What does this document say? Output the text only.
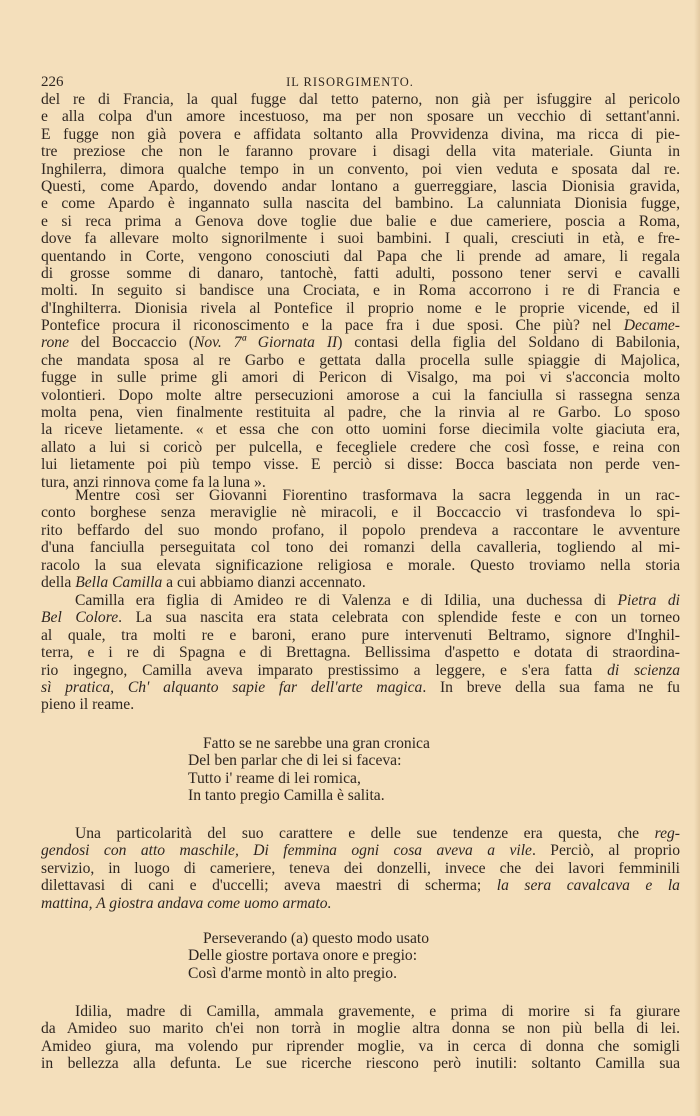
226	IL RISORGIMENTO.
del re di Francia, la qual fugge dal tetto paterno, non già per isfuggire al pericolo
e alla colpa d'un amore incestuoso, ma per non sposare un vecchio di settant'anni.
E fugge non già povera e affidata soltanto alla Provvidenza divina, ma ricca di pie-
tre preziose che non le faranno provare i disagi della vita materiale. Giunta in
Inghilerra, dimora qualche tempo in un convento, poi vien veduta e sposata dal re.
Questi, come Apardo, dovendo andar lontano a guerreggiare, lascia Dionisia gravida,
e come Apardo è ingannato sulla nascita del bambino. La calunniata Dionisia fugge,
e si reca prima a Genova dove toglie due balie e due cameriere, poscia a Roma,
dove fa allevare molto signorilmente i suoi bambini. I quali, cresciuti in età, e fre-
quentando in Corte, vengono conosciuti dal Papa che li prende ad amare, li regala
di grosse somme di danaro, tantochè, fatti adulti, possono tener servi e cavalli
molti. In seguito si bandisce una Crociata, e in Roma accorrono i re di Francia e
d'Inghilterra. Dionisia rivela al Pontefice il proprio nome e le proprie vicende, ed il
Pontefice procura il riconoscimento e la pace fra i due sposi. Che più? nel Decame-
rone del Boccaccio (Nov. 7ª Giornata II) contasi della figlia del Soldano di Babilonia,
che mandata sposa al re Garbo e gettata dalla procella sulle spiaggie di Majolica,
fugge in sulle prime gli amori di Pericon di Visalgo, ma poi vi s'acconcia molto
volontieri. Dopo molte altre persecuzioni amorose a cui la fanciulla si rassegna senza
molta pena, vien finalmente restituita al padre, che la rinvia al re Garbo. Lo sposo
la riceve lietamente. « et essa che con otto uomini forse diecimila volte giaciuta era,
allato a lui si coricò per pulcella, e fecegliele credere che così fosse, e reina con
lui lietamente poi più tempo visse. E perciò si disse: Bocca basciata non perde ven-
tura, anzi rinnova come fa la luna ».
Mentre così ser Giovanni Fiorentino trasformava la sacra leggenda in un rac-
conto borghese senza meraviglie nè miracoli, e il Boccaccio vi trasfondeva lo spi-
rito beffardo del suo mondo profano, il popolo prendeva a raccontare le avventure
d'una fanciulla perseguitata col tono dei romanzi della cavalleria, togliendo al mi-
racolo la sua elevata significazione religiosa e morale. Questo troviamo nella storia
della Bella Camilla a cui abbiamo dianzi accennato.
Camilla era figlia di Amideo re di Valenza e di Idilia, una duchessa di Pietra di
Bel Colore. La sua nascita era stata celebrata con splendide feste e con un torneo
al quale, tra molti re e baroni, erano pure intervenuti Beltramo, signore d'Inghil-
terra, e i re di Spagna e di Brettagna. Bellissima d'aspetto e dotata di straordina-
rio ingegno, Camilla aveva imparato prestissimo a leggere, e s'era fatta di scienza
sì pratica, Ch' alquanto sapie far dell'arte magica. In breve della sua fama ne fu
pieno il reame.
Fatto se ne sarebbe una gran cronica
Del ben parlar che di lei si faceva:
Tutto i' reame di lei romica,
In tanto pregio Camilla è salita.
Una particolarità del suo carattere e delle sue tendenze era questa, che reg-
gendosi con atto maschile, Di femmina ogni cosa aveva a vile. Perciò, al proprio
servizio, in luogo di cameriere, teneva dei donzelli, invece che dei lavori femminili
dilettavasi di cani e d'uccelli; aveva maestri di scherma; la sera cavalcava e la
mattina, A giostra andava come uomo armato.
Perseverando (a) questo modo usato
Delle giostre portava onore e pregio:
Così d'arme montò in alto pregio.
Idilia, madre di Camilla, ammala gravemente, e prima di morire si fa giurare
da Amideo suo marito ch'ei non torrà in moglie altra donna se non più bella di lei.
Amideo giura, ma volendo pur riprender moglie, va in cerca di donna che somigli
in bellezza alla defunta. Le sue ricerche riescono però inutili: soltanto Camilla sua
